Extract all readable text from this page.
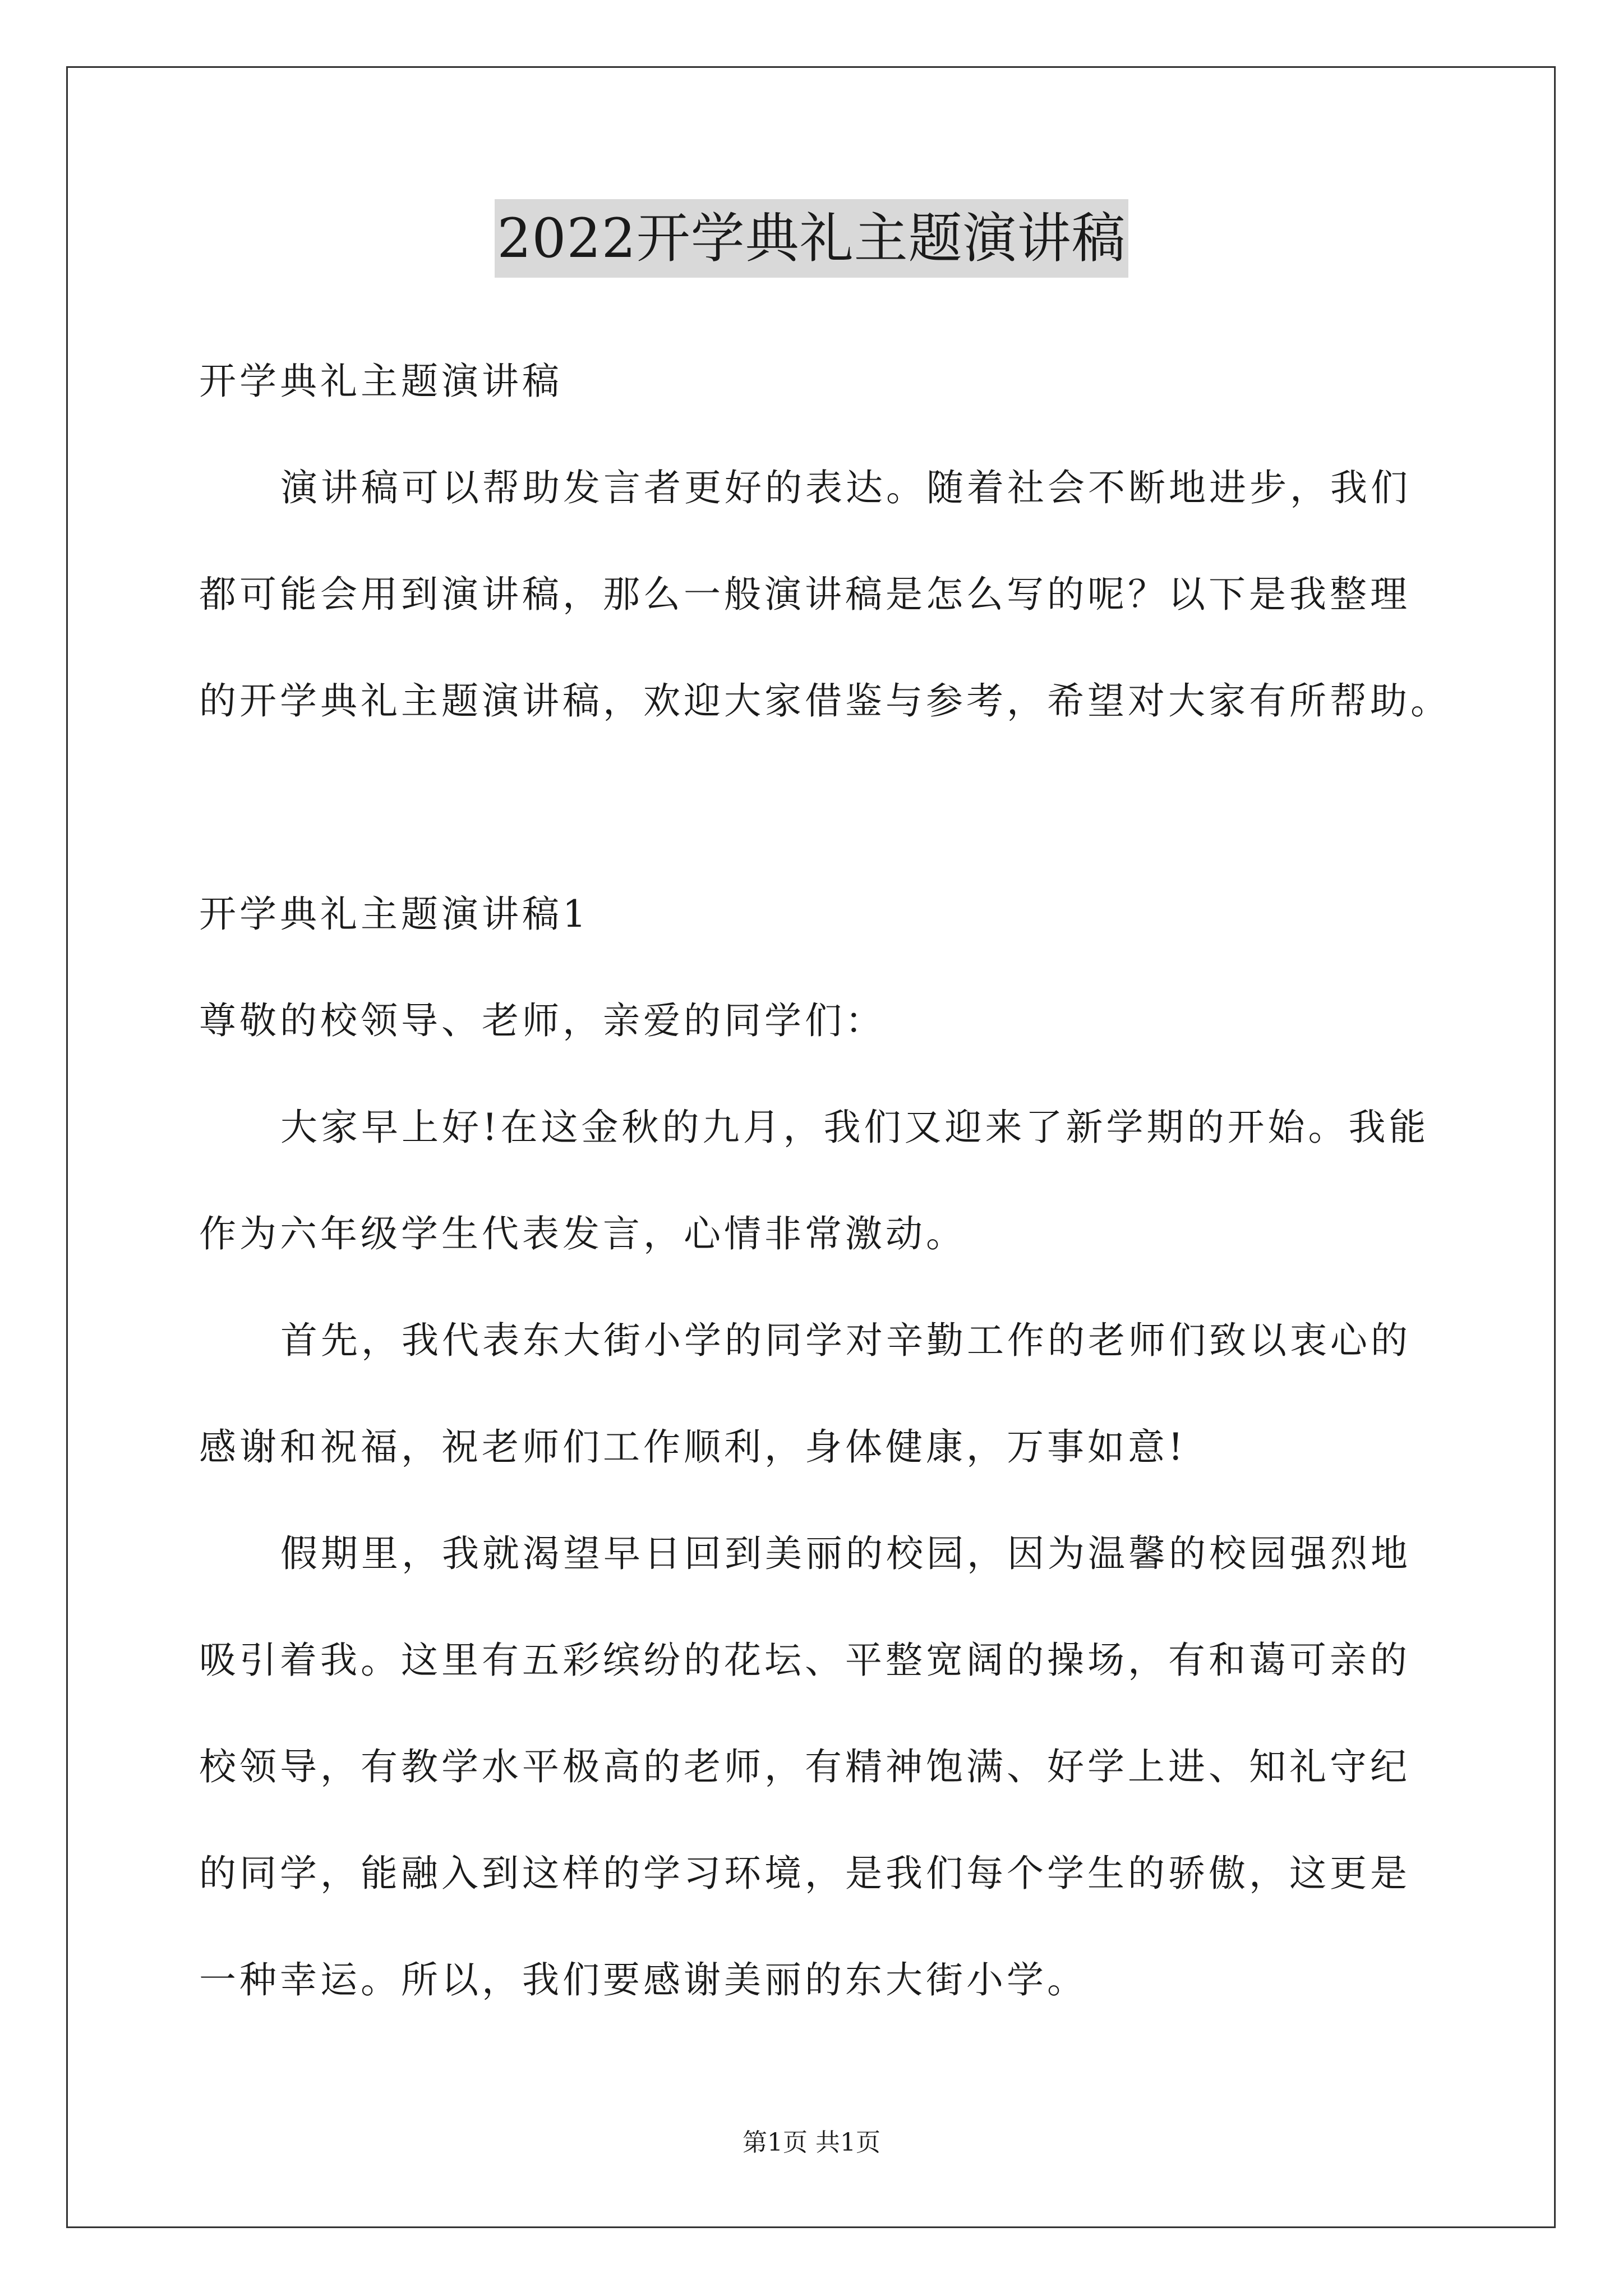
2022开学典礼主题演讲稿
开学典礼主题演讲稿
演讲稿可以帮助发言者更好的表达。随着社会不断地进步，我们
都可能会用到演讲稿，那么一般演讲稿是怎么写的呢？以下是我整理
的开学典礼主题演讲稿，欢迎大家借鉴与参考，希望对大家有所帮助。
开学典礼主题演讲稿1
尊敬的校领导、老师，亲爱的同学们：
大家早上好!在这金秋的九月，我们又迎来了新学期的开始。我能
作为六年级学生代表发言，心情非常激动。
首先，我代表东大街小学的同学对辛勤工作的老师们致以衷心的
感谢和祝福，祝老师们工作顺利，身体健康，万事如意!
假期里，我就渴望早日回到美丽的校园，因为温馨的校园强烈地
吸引着我。这里有五彩缤纷的花坛、平整宽阔的操场，有和蔼可亲的
校领导，有教学水平极高的老师，有精神饱满、好学上进、知礼守纪
的同学，能融入到这样的学习环境，是我们每个学生的骄傲，这更是
一种幸运。所以，我们要感谢美丽的东大街小学。
第1页 共1页
